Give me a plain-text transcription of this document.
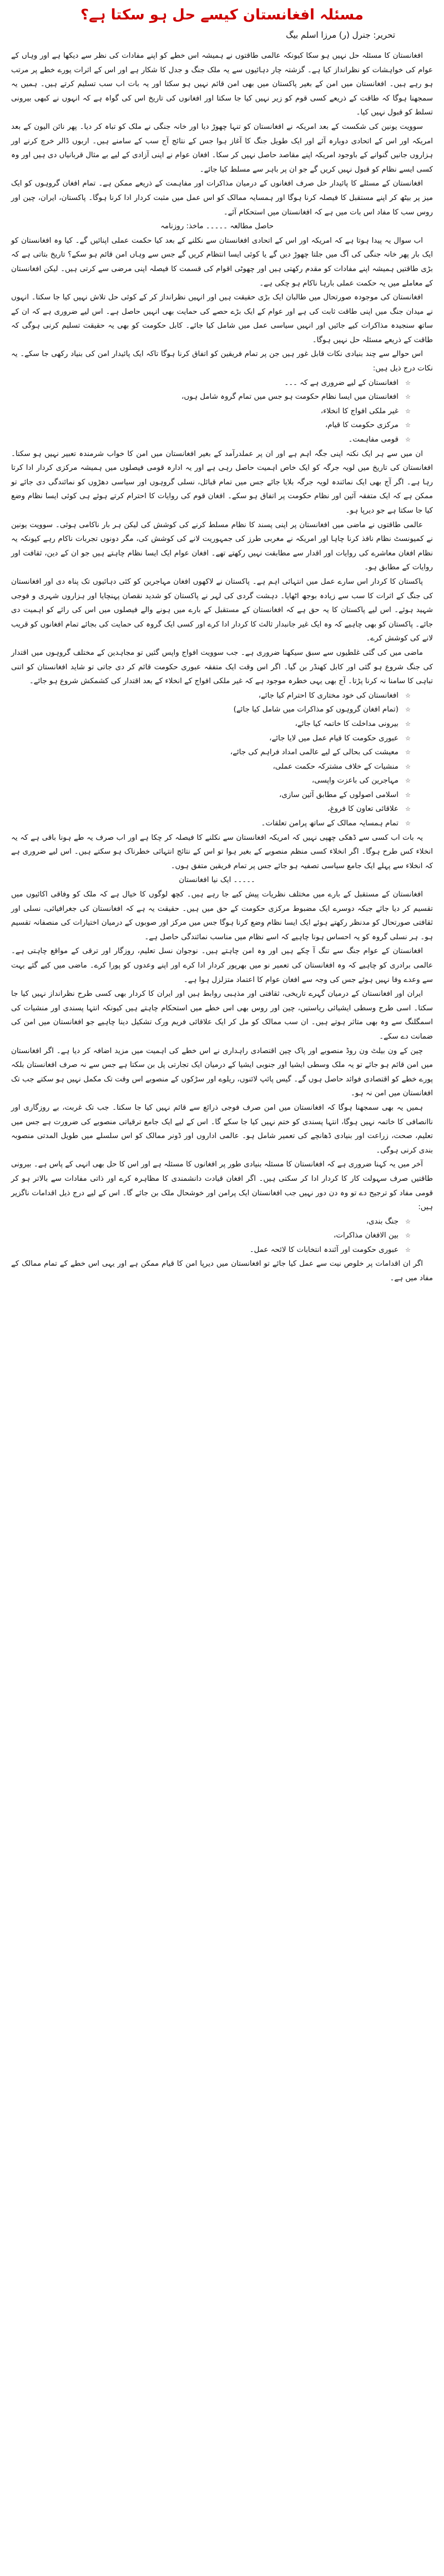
مسئلہ افغانستان کیسے حل ہو سکتا ہے؟
تحریر: جنرل (ر) مرزا اسلم بیگ

افغانستان کا مسئلہ حل نہیں ہو سکا کیونکہ عالمی طاقتوں نے ہمیشہ اس خطے کو اپنے مفادات کی نظر سے دیکھا ہے اور وہاں کے عوام کی خواہشات کو نظرانداز کیا ہے۔ گزشتہ چار دہائیوں سے یہ ملک جنگ و جدل کا شکار ہے اور اس کے اثرات پورے خطے پر مرتب ہو رہے ہیں۔ افغانستان میں امن کے بغیر پاکستان میں بھی امن قائم نہیں ہو سکتا اور یہ بات اب سب تسلیم کرتے ہیں۔ ہمیں یہ سمجھنا ہوگا کہ طاقت کے ذریعے کسی قوم کو زیر نہیں کیا جا سکتا اور افغانوں کی تاریخ اس کی گواہ ہے کہ انہوں نے کبھی بیرونی تسلط کو قبول نہیں کیا۔

سوویت یونین کی شکست کے بعد امریکہ نے افغانستان کو تنہا چھوڑ دیا اور خانہ جنگی نے ملک کو تباہ کر دیا۔ پھر نائن الیون کے بعد امریکہ اور اس کے اتحادی دوبارہ آئے اور ایک طویل جنگ کا آغاز ہوا جس کے نتائج آج سب کے سامنے ہیں۔ اربوں ڈالر خرچ کرنے اور ہزاروں جانیں گنوانے کے باوجود امریکہ اپنے مقاصد حاصل نہیں کر سکا۔ افغان عوام نے اپنی آزادی کے لیے بے مثال قربانیاں دی ہیں اور وہ کسی ایسے نظام کو قبول نہیں کریں گے جو ان پر باہر سے مسلط کیا جائے۔

افغانستان کے مسئلے کا پائیدار حل صرف افغانوں کے درمیان مذاکرات اور مفاہمت کے ذریعے ممکن ہے۔ تمام افغان گروہوں کو ایک میز پر بیٹھ کر اپنے مستقبل کا فیصلہ کرنا ہوگا اور ہمسایہ ممالک کو اس عمل میں مثبت کردار ادا کرنا ہوگا۔ پاکستان، ایران، چین اور روس سب کا مفاد اس بات میں ہے کہ افغانستان میں استحکام آئے۔

حاصل مطالعہ ۔۔۔۔۔ ماخذ: روزنامہ

اب سوال یہ پیدا ہوتا ہے کہ امریکہ اور اس کے اتحادی افغانستان سے نکلنے کے بعد کیا حکمت عملی اپنائیں گے۔ کیا وہ افغانستان کو ایک بار پھر خانہ جنگی کی آگ میں جلتا چھوڑ دیں گے یا کوئی ایسا انتظام کریں گے جس سے وہاں امن قائم ہو سکے؟ تاریخ بتاتی ہے کہ بڑی طاقتیں ہمیشہ اپنے مفادات کو مقدم رکھتی ہیں اور چھوٹی اقوام کی قسمت کا فیصلہ اپنی مرضی سے کرتی ہیں۔ لیکن افغانستان کے معاملے میں یہ حکمت عملی بارہا ناکام ہو چکی ہے۔

افغانستان کی موجودہ صورتحال میں طالبان ایک بڑی حقیقت ہیں اور انہیں نظرانداز کر کے کوئی حل تلاش نہیں کیا جا سکتا۔ انہوں نے میدان جنگ میں اپنی طاقت ثابت کی ہے اور عوام کے ایک بڑے حصے کی حمایت بھی انہیں حاصل ہے۔ اس لیے ضروری ہے کہ ان کے ساتھ سنجیدہ مذاکرات کیے جائیں اور انہیں سیاسی عمل میں شامل کیا جائے۔ کابل حکومت کو بھی یہ حقیقت تسلیم کرنی ہوگی کہ طاقت کے ذریعے مسئلہ حل نہیں ہوگا۔

اس حوالے سے چند بنیادی نکات قابل غور ہیں جن پر تمام فریقین کو اتفاق کرنا ہوگا تاکہ ایک پائیدار امن کی بنیاد رکھی جا سکے۔ یہ نکات درج ذیل ہیں:

☆
افغانستان کے لیے ضروری ہے کہ ۔۔۔
☆
افغانستان میں ایسا نظام حکومت ہو جس میں تمام گروہ شامل ہوں،
☆
غیر ملکی افواج کا انخلاء،
☆
مرکزی حکومت کا قیام،
☆
قومی مفاہمت۔

ان میں سے ہر ایک نکتہ اپنی جگہ اہم ہے اور ان پر عملدرآمد کے بغیر افغانستان میں امن کا خواب شرمندہ تعبیر نہیں ہو سکتا۔ افغانستان کی تاریخ میں لویہ جرگہ کو ایک خاص اہمیت حاصل رہی ہے اور یہ ادارہ قومی فیصلوں میں ہمیشہ مرکزی کردار ادا کرتا رہا ہے۔ اگر آج بھی ایک نمائندہ لویہ جرگہ بلایا جائے جس میں تمام قبائل، نسلی گروہوں اور سیاسی دھڑوں کو نمائندگی دی جائے تو ممکن ہے کہ ایک متفقہ آئین اور نظام حکومت پر اتفاق ہو سکے۔ افغان قوم کی روایات کا احترام کرتے ہوئے ہی کوئی ایسا نظام وضع کیا جا سکتا ہے جو دیرپا ہو۔

عالمی طاقتوں نے ماضی میں افغانستان پر اپنی پسند کا نظام مسلط کرنے کی کوشش کی لیکن ہر بار ناکامی ہوئی۔ سوویت یونین نے کمیونسٹ نظام نافذ کرنا چاہا اور امریکہ نے مغربی طرز کی جمہوریت لانے کی کوشش کی، مگر دونوں تجربات ناکام رہے کیونکہ یہ نظام افغان معاشرے کی روایات اور اقدار سے مطابقت نہیں رکھتے تھے۔ افغان عوام ایک ایسا نظام چاہتے ہیں جو ان کے دین، ثقافت اور روایات کے مطابق ہو۔

پاکستان کا کردار اس سارے عمل میں انتہائی اہم ہے۔ پاکستان نے لاکھوں افغان مہاجرین کو کئی دہائیوں تک پناہ دی اور افغانستان کی جنگ کے اثرات کا سب سے زیادہ بوجھ اٹھایا۔ دہشت گردی کی لہر نے پاکستان کو شدید نقصان پہنچایا اور ہزاروں شہری و فوجی شہید ہوئے۔ اس لیے پاکستان کا یہ حق ہے کہ افغانستان کے مستقبل کے بارے میں ہونے والے فیصلوں میں اس کی رائے کو اہمیت دی جائے۔ پاکستان کو بھی چاہیے کہ وہ ایک غیر جانبدار ثالث کا کردار ادا کرے اور کسی ایک گروہ کی حمایت کی بجائے تمام افغانوں کو قریب لانے کی کوشش کرے۔

ماضی میں کی گئی غلطیوں سے سبق سیکھنا ضروری ہے۔ جب سوویت افواج واپس گئیں تو مجاہدین کے مختلف گروہوں میں اقتدار کی جنگ شروع ہو گئی اور کابل کھنڈر بن گیا۔ اگر اس وقت ایک متفقہ عبوری حکومت قائم کر دی جاتی تو شاید افغانستان کو اتنی تباہی کا سامنا نہ کرنا پڑتا۔ آج بھی یہی خطرہ موجود ہے کہ غیر ملکی افواج کے انخلاء کے بعد اقتدار کی کشمکش شروع ہو جائے۔

☆
افغانستان کی خود مختاری کا احترام کیا جائے،
☆
(تمام افغان گروہوں کو مذاکرات میں شامل کیا جائے)
☆
بیرونی مداخلت کا خاتمہ کیا جائے،
☆
عبوری حکومت کا قیام عمل میں لایا جائے،
☆
معیشت کی بحالی کے لیے عالمی امداد فراہم کی جائے،
☆
منشیات کے خلاف مشترکہ حکمت عملی،
☆
مہاجرین کی باعزت واپسی،
☆
اسلامی اصولوں کے مطابق آئین سازی،
☆
علاقائی تعاون کا فروغ،
☆
تمام ہمسایہ ممالک کے ساتھ پرامن تعلقات۔

یہ بات اب کسی سے ڈھکی چھپی نہیں کہ امریکہ افغانستان سے نکلنے کا فیصلہ کر چکا ہے اور اب صرف یہ طے ہونا باقی ہے کہ یہ انخلاء کس طرح ہوگا۔ اگر انخلاء کسی منظم منصوبے کے بغیر ہوا تو اس کے نتائج انتہائی خطرناک ہو سکتے ہیں۔ اس لیے ضروری ہے کہ انخلاء سے پہلے ایک جامع سیاسی تصفیہ ہو جائے جس پر تمام فریقین متفق ہوں۔

۔۔۔۔۔ ایک نیا افغانستان

افغانستان کے مستقبل کے بارے میں مختلف نظریات پیش کیے جا رہے ہیں۔ کچھ لوگوں کا خیال ہے کہ ملک کو وفاقی اکائیوں میں تقسیم کر دیا جائے جبکہ دوسرے ایک مضبوط مرکزی حکومت کے حق میں ہیں۔ حقیقت یہ ہے کہ افغانستان کی جغرافیائی، نسلی اور ثقافتی صورتحال کو مدنظر رکھتے ہوئے ایک ایسا نظام وضع کرنا ہوگا جس میں مرکز اور صوبوں کے درمیان اختیارات کی منصفانہ تقسیم ہو۔ ہر نسلی گروہ کو یہ احساس ہونا چاہیے کہ اسے نظام میں مناسب نمائندگی حاصل ہے۔

افغانستان کے عوام جنگ سے تنگ آ چکے ہیں اور وہ امن چاہتے ہیں۔ نوجوان نسل تعلیم، روزگار اور ترقی کے مواقع چاہتی ہے۔ عالمی برادری کو چاہیے کہ وہ افغانستان کی تعمیر نو میں بھرپور کردار ادا کرے اور اپنے وعدوں کو پورا کرے۔ ماضی میں کیے گئے بہت سے وعدے وفا نہیں ہوئے جس کی وجہ سے افغان عوام کا اعتماد متزلزل ہوا ہے۔

ایران اور افغانستان کے درمیان گہرے تاریخی، ثقافتی اور مذہبی روابط ہیں اور ایران کا کردار بھی کسی طرح نظرانداز نہیں کیا جا سکتا۔ اسی طرح وسطی ایشیائی ریاستیں، چین اور روس بھی اس خطے میں استحکام چاہتے ہیں کیونکہ انتہا پسندی اور منشیات کی اسمگلنگ سے وہ بھی متاثر ہوتے ہیں۔ ان سب ممالک کو مل کر ایک علاقائی فریم ورک تشکیل دینا چاہیے جو افغانستان میں امن کی ضمانت دے سکے۔

چین کے ون بیلٹ ون روڈ منصوبے اور پاک چین اقتصادی راہداری نے اس خطے کی اہمیت میں مزید اضافہ کر دیا ہے۔ اگر افغانستان میں امن قائم ہو جائے تو یہ ملک وسطی ایشیا اور جنوبی ایشیا کے درمیان ایک تجارتی پل بن سکتا ہے جس سے نہ صرف افغانستان بلکہ پورے خطے کو اقتصادی فوائد حاصل ہوں گے۔ گیس پائپ لائنوں، ریلوے اور سڑکوں کے منصوبے اس وقت تک مکمل نہیں ہو سکتے جب تک افغانستان میں امن نہ ہو۔

ہمیں یہ بھی سمجھنا ہوگا کہ افغانستان میں امن صرف فوجی ذرائع سے قائم نہیں کیا جا سکتا۔ جب تک غربت، بے روزگاری اور ناانصافی کا خاتمہ نہیں ہوگا، انتہا پسندی کو ختم نہیں کیا جا سکے گا۔ اس کے لیے ایک جامع ترقیاتی منصوبے کی ضرورت ہے جس میں تعلیم، صحت، زراعت اور بنیادی ڈھانچے کی تعمیر شامل ہو۔ عالمی اداروں اور ڈونر ممالک کو اس سلسلے میں طویل المدتی منصوبہ بندی کرنی ہوگی۔

آخر میں یہ کہنا ضروری ہے کہ افغانستان کا مسئلہ بنیادی طور پر افغانوں کا مسئلہ ہے اور اس کا حل بھی انہی کے پاس ہے۔ بیرونی طاقتیں صرف سہولت کار کا کردار ادا کر سکتی ہیں۔ اگر افغان قیادت دانشمندی کا مظاہرہ کرے اور ذاتی مفادات سے بالاتر ہو کر قومی مفاد کو ترجیح دے تو وہ دن دور نہیں جب افغانستان ایک پرامن اور خوشحال ملک بن جائے گا۔ اس کے لیے درج ذیل اقدامات ناگزیر ہیں:

☆
جنگ بندی،
☆
بین الافغان مذاکرات،
☆
عبوری حکومت اور آئندہ انتخابات کا لائحہ عمل۔

اگر ان اقدامات پر خلوص نیت سے عمل کیا جائے تو افغانستان میں دیرپا امن کا قیام ممکن ہے اور یہی اس خطے کے تمام ممالک کے مفاد میں ہے۔
